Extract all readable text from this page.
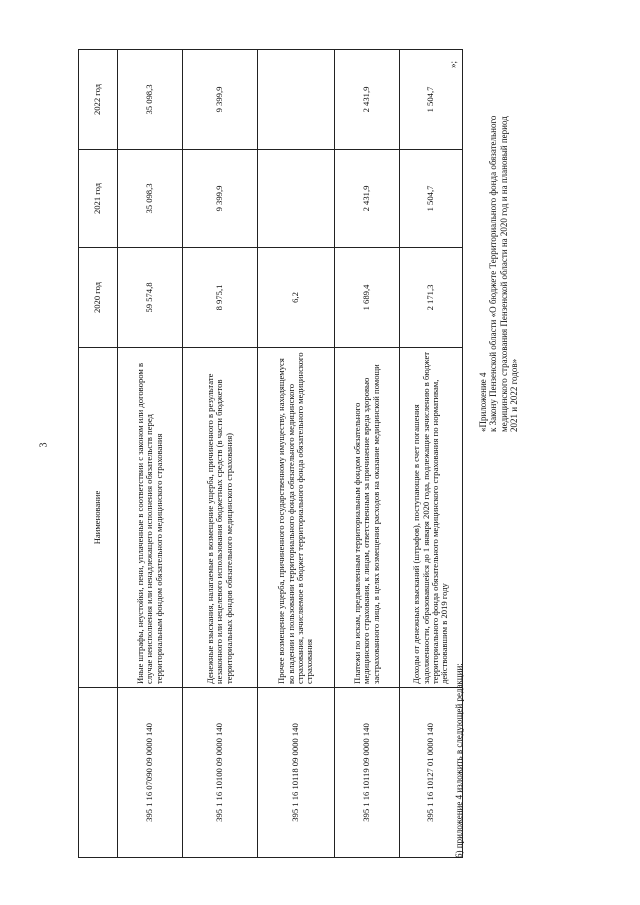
3
	Наименование	2020 год	2021 год	2022 год
395 1 16 07090 09 0000 140	Иные штрафы, неустойки, пени, уплаченные в соответствии с законом или договором в случае неисполнения или ненадлежащего исполнения обязательств перед территориальным фондом обязательного медицинского страхования	59 574,8	35 098,3	35 098,3
395 1 16 10100 09 0000 140	Денежные взыскания, налагаемые в возмещение ущерба, причиненного в результате незаконного или нецелевого использования бюджетных средств (в части бюджетов территориальных фондов обязательного медицинского страхования)	8 975,1	9 399,9	9 399,9
395 1 16 10118 09 0000 140	Прочее возмещение ущерба, причиненного государственному имуществу, находящемуся во владении и пользовании территориального фонда обязательного медицинского страхования, зачисляемое в бюджет территориального фонда обязательного медицинского страхования	6,2		
395 1 16 10119 09 0000 140	Платежи по искам, предъявленным территориальным фондом обязательного медицинского страхования, к лицам, ответственным за причинение вреда здоровью застрахованного лица, в целях возмещения расходов на оказание медицинской помощи	1 689,4	2 431,9	2 431,9
395 1 16 10127 01 0000 140	Доходы от денежных взысканий (штрафов), поступающие в счет погашения задолженности, образовавшейся до 1 января 2020 года, подлежащие зачислению в бюджет территориального фонда обязательного медицинского страхования по нормативам, действовавшим в 2019 году	2 171,3	1 504,7	1 504,7
6) приложение 4 изложить в следующей редакции:
«Приложение 4 к Закону Пензенской области «О бюджете Территориального фонда обязательного медицинского страхования Пензенской области на 2020 год и на плановый период 2021 и 2022 годов»
»;
